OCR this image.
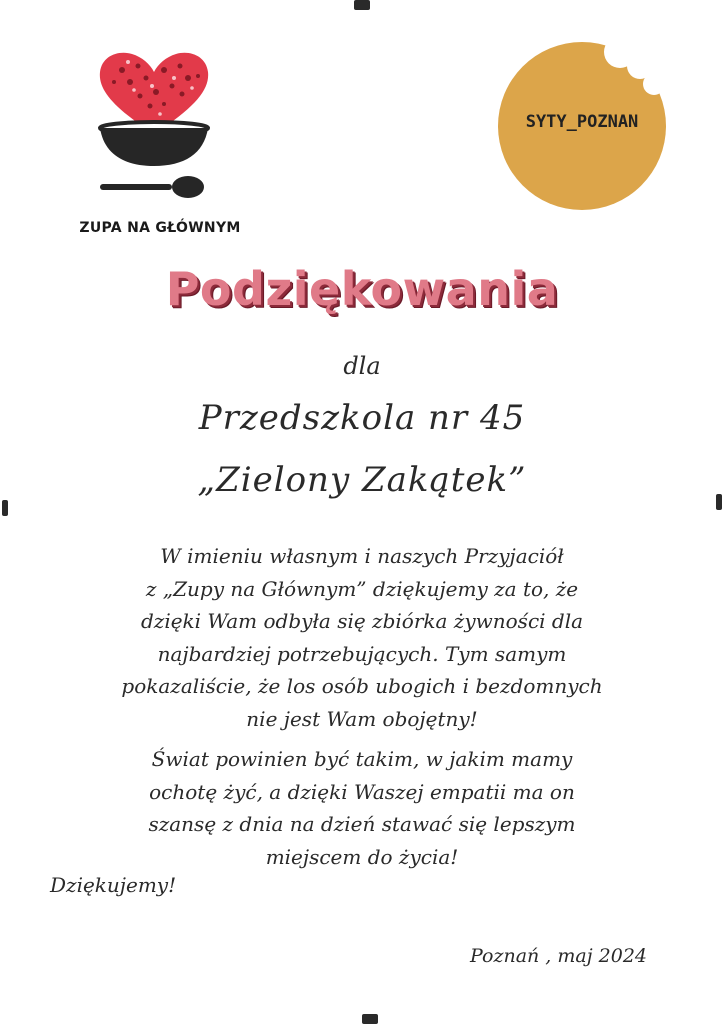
ZUPA NA GŁÓWNYM
SYTY_POZNAN
Podziękowania
dla
Przedszkola nr 45
„Zielony Zakątek”

W imieniu własnym i naszych Przyjaciół

z „Zupy na Głównym” dziękujemy za to, że

dzięki Wam odbyła się zbiórka żywności dla

najbardziej potrzebujących. Tym samym

pokazaliście, że los osób ubogich i bezdomnych

nie jest Wam obojętny!

Świat powinien być takim, w jakim mamy

ochotę żyć, a dzięki Waszej empatii ma on

szansę z dnia na dzień stawać się lepszym

miejscem do życia!

Dziękujemy!
Poznań , maj 2024
